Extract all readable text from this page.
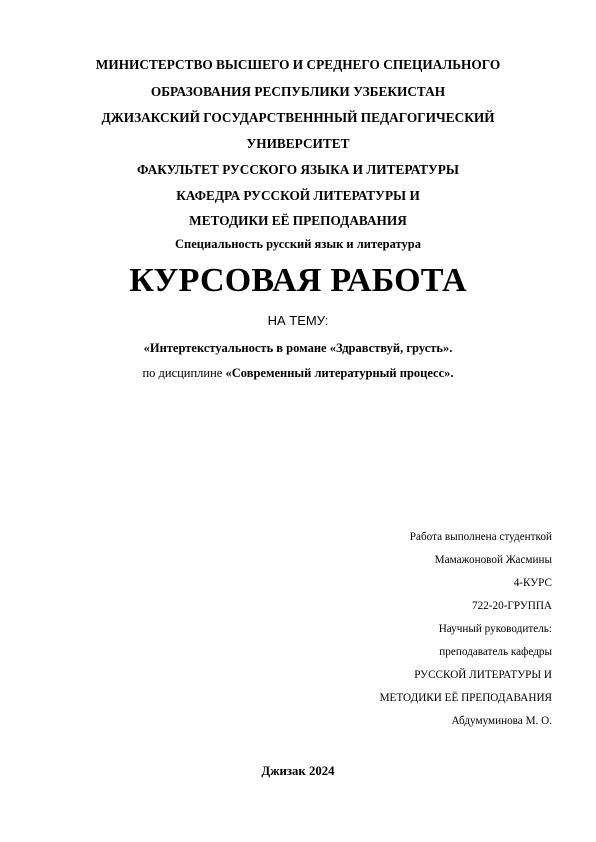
МИНИСТЕРСТВО ВЫСШЕГО И СРЕДНЕГО СПЕЦИАЛЬНОГО
ОБРАЗОВАНИЯ РЕСПУБЛИКИ УЗБЕКИСТАН
ДЖИЗАКСКИЙ ГОСУДАРСТВЕНННЫЙ ПЕДАГОГИЧЕСКИЙ
УНИВЕРСИТЕТ
ФАКУЛЬТЕТ РУССКОГО ЯЗЫКА И ЛИТЕРАТУРЫ
КАФЕДРА РУССКОЙ ЛИТЕРАТУРЫ И
МЕТОДИКИ ЕЁ ПРЕПОДАВАНИЯ
Специальность русский язык и литература
КУРСОВАЯ РАБОТА
НА ТЕМУ:
«Интертекстуальность в романе «Здравствуй, грусть».
по дисциплине «Современный литературный процесс».
Работа выполнена студенткой
Мамажоновой Жасмины
4-КУРС
722-20-ГРУППА
Научный руководитель:
преподаватель кафедры
РУССКОЙ ЛИТЕРАТУРЫ И
МЕТОДИКИ ЕЁ ПРЕПОДАВАНИЯ
Абдумуминова М. О.
Джизак 2024
